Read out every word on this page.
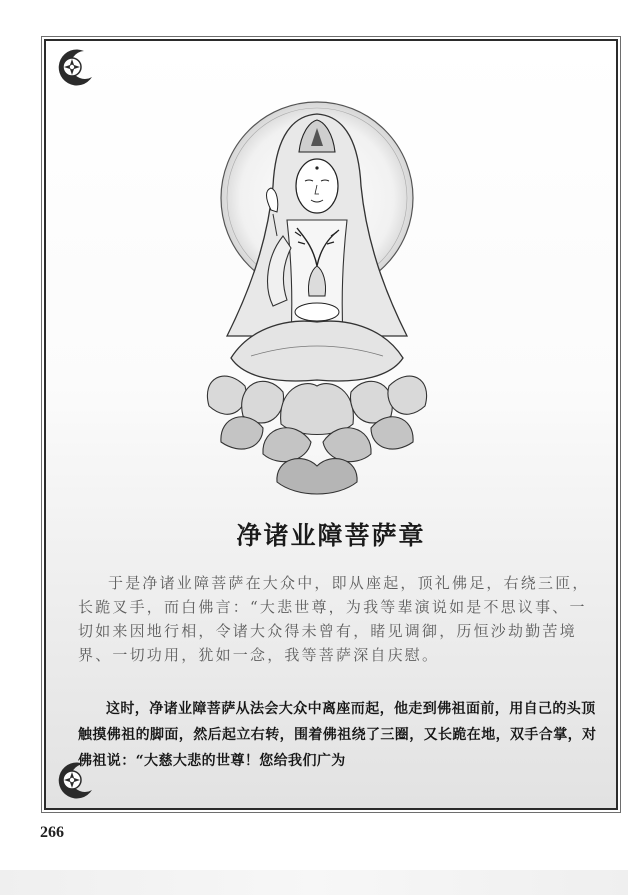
净诸业障菩萨章

于是净诸业障菩萨在大众中，即从座起，顶礼佛足，右绕三匝，长跪叉手，而白佛言：“大悲世尊，为我等辈演说如是不思议事、一切如来因地行相，令诸大众得未曾有，睹见调御，历恒沙劫勤苦境界、一切功用，犹如一念，我等菩萨深自庆慰。

这时，净诸业障菩萨从法会大众中离座而起，他走到佛祖面前，用自己的头顶触摸佛祖的脚面，然后起立右转，围着佛祖绕了三圈，又长跪在地，双手合掌，对佛祖说：“大慈大悲的世尊！您给我们广为

266
